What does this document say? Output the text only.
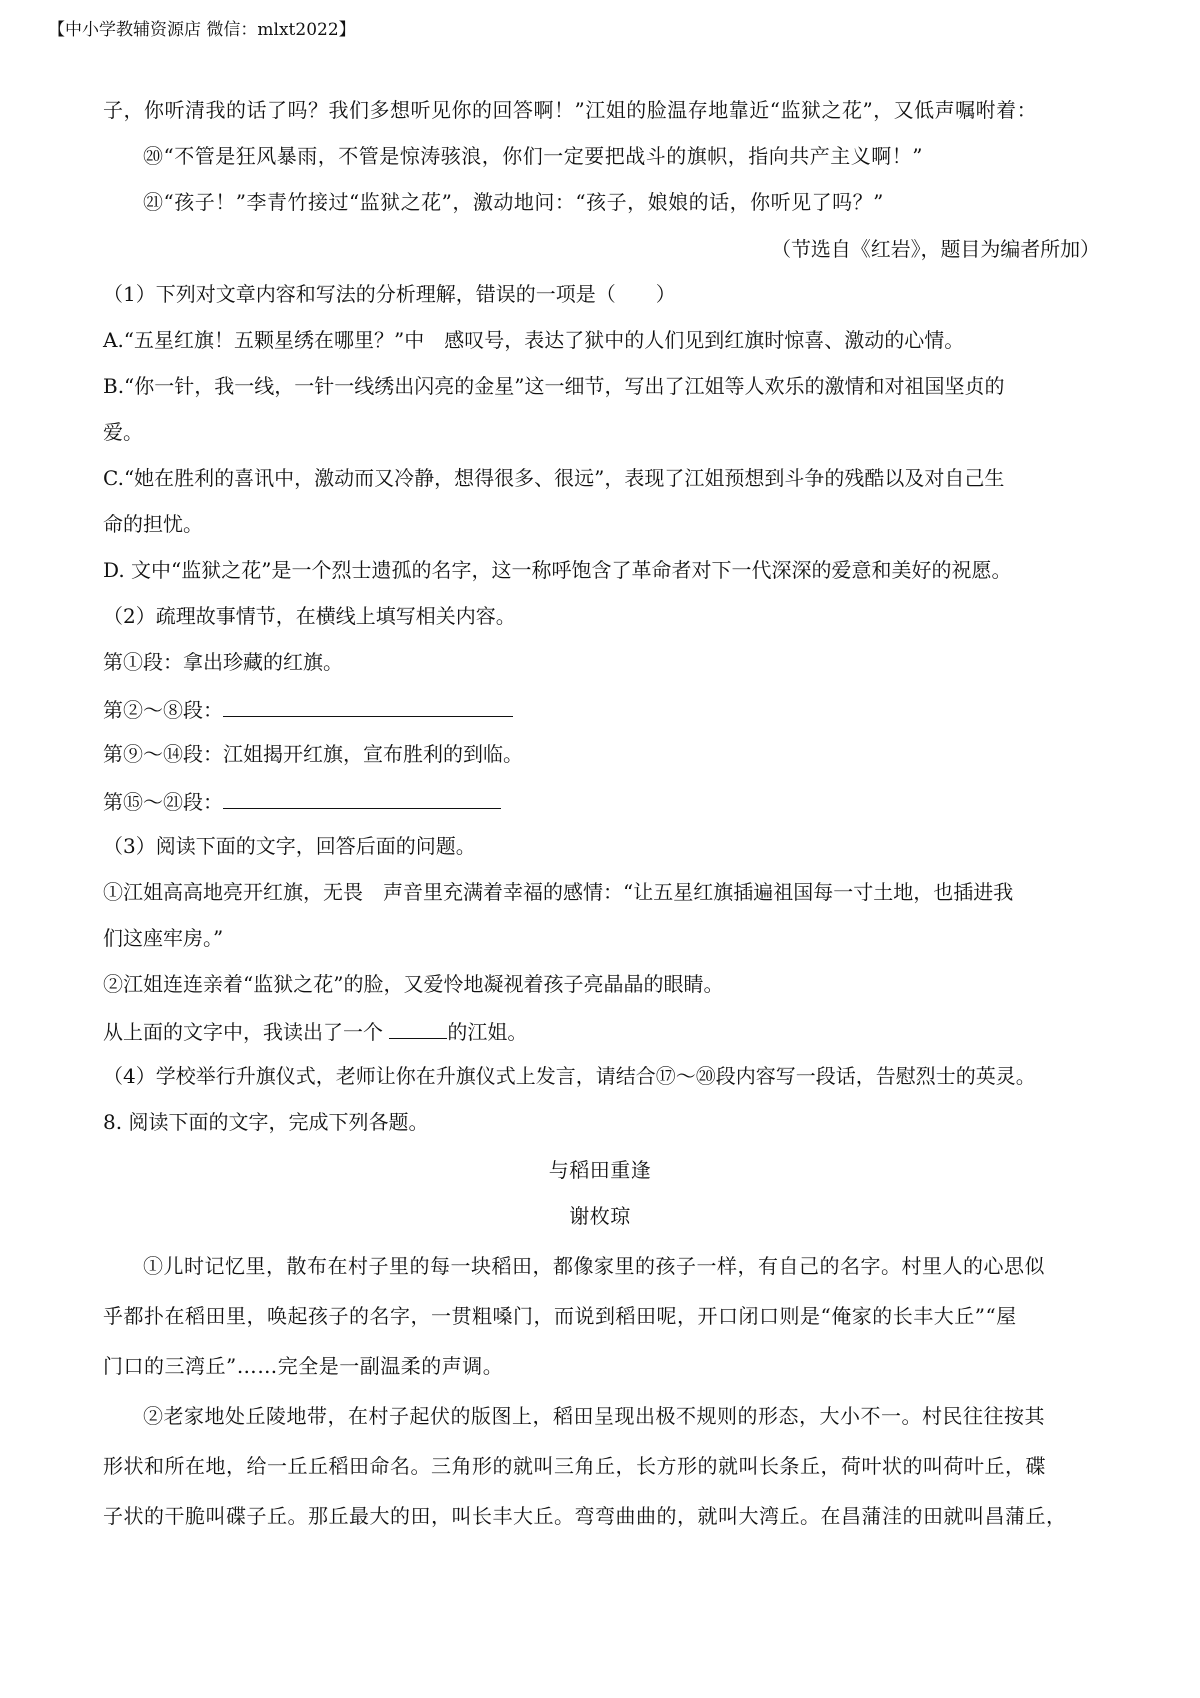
【中小学教辅资源店 微信：mlxt2022】
子，你听清我的话了吗？我们多想听见你的回答啊！”江姐的脸温存地靠近“监狱之花”，又低声嘱咐着：
⑳“不管是狂风暴雨，不管是惊涛骇浪，你们一定要把战斗的旗帜，指向共产主义啊！”
㉑“孩子！”李青竹接过“监狱之花”，激动地问：“孩子，娘娘的话，你听见了吗？”
（节选自《红岩》，题目为编者所加）
（1）下列对文章内容和写法的分析理解，错误的一项是（　　）
A.“五星红旗！五颗星绣在哪里？”中　感叹号，表达了狱中的人们见到红旗时惊喜、激动的心情。
B.“你一针，我一线，一针一线绣出闪亮的金星”这一细节，写出了江姐等人欢乐的激情和对祖国坚贞的
爱。
C.“她在胜利的喜讯中，激动而又冷静，想得很多、很远”，表现了江姐预想到斗争的残酷以及对自己生
命的担忧。
D. 文中“监狱之花”是一个烈士遗孤的名字，这一称呼饱含了革命者对下一代深深的爱意和美好的祝愿。
（2）疏理故事情节，在横线上填写相关内容。
第①段：拿出珍藏的红旗。
第②～⑧段：
第⑨～⑭段：江姐揭开红旗，宣布胜利的到临。
第⑮～㉑段：
（3）阅读下面的文字，回答后面的问题。
①江姐高高地亮开红旗，无畏　声音里充满着幸福的感情：“让五星红旗插遍祖国每一寸土地，也插进我
们这座牢房。”
②江姐连连亲着“监狱之花”的脸，又爱怜地凝视着孩子亮晶晶的眼睛。
从上面的文字中，我读出了一个	的江姐。
（4）学校举行升旗仪式，老师让你在升旗仪式上发言，请结合⑰～⑳段内容写一段话，告慰烈士的英灵。
8. 阅读下面的文字，完成下列各题。
与稻田重逢
谢枚琼
①儿时记忆里，散布在村子里的每一块稻田，都像家里的孩子一样，有自己的名字。村里人的心思似
乎都扑在稻田里，唤起孩子的名字，一贯粗嗓门，而说到稻田呢，开口闭口则是“俺家的长丰大丘”“屋
门口的三湾丘”……完全是一副温柔的声调。
②老家地处丘陵地带，在村子起伏的版图上，稻田呈现出极不规则的形态，大小不一。村民往往按其
形状和所在地，给一丘丘稻田命名。三角形的就叫三角丘，长方形的就叫长条丘，荷叶状的叫荷叶丘，碟
子状的干脆叫碟子丘。那丘最大的田，叫长丰大丘。弯弯曲曲的，就叫大湾丘。在昌蒲洼的田就叫昌蒲丘，
